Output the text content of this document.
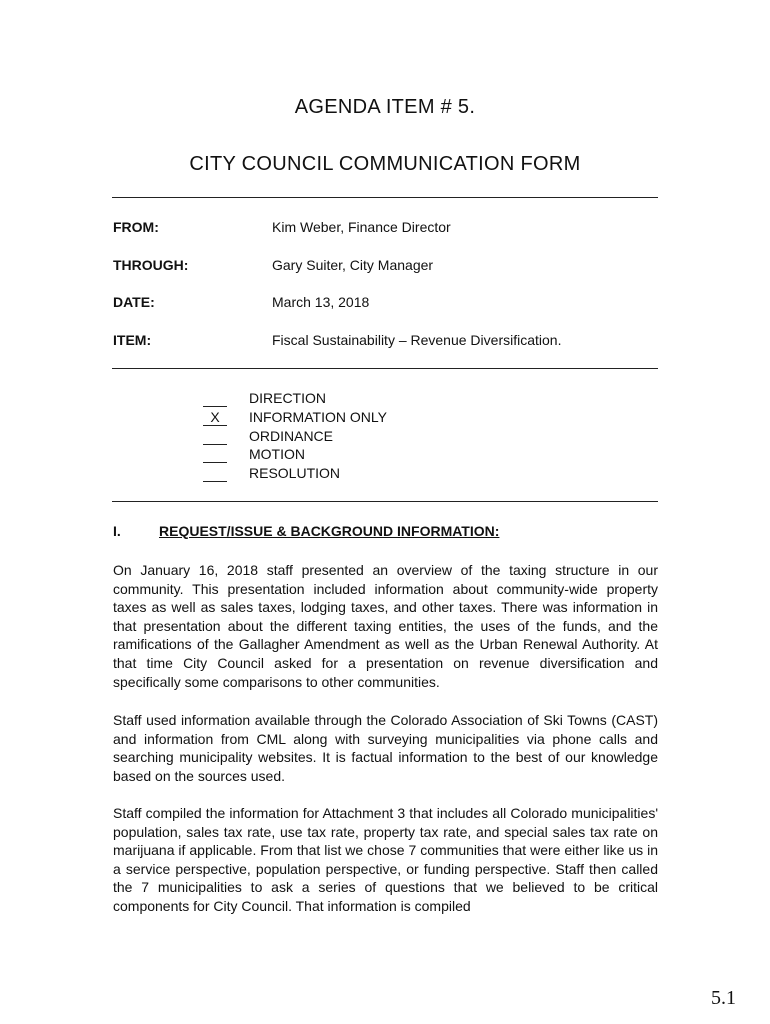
AGENDA ITEM # 5.
CITY COUNCIL COMMUNICATION FORM
FROM:	Kim Weber, Finance Director
THROUGH:	Gary Suiter, City Manager
DATE:	March 13, 2018
ITEM:	Fiscal Sustainability – Revenue Diversification.
DIRECTION
X	INFORMATION ONLY
ORDINANCE
MOTION
RESOLUTION
I.	REQUEST/ISSUE & BACKGROUND INFORMATION:

On January 16, 2018 staff presented an overview of the taxing structure in our community. This presentation included information about community-wide property taxes as well as sales taxes, lodging taxes, and other taxes. There was information in that presentation about the different taxing entities, the uses of the funds, and the ramifications of the Gallagher Amendment as well as the Urban Renewal Authority. At that time City Council asked for a presentation on revenue diversification and specifically some comparisons to other communities.

Staff used information available through the Colorado Association of Ski Towns (CAST) and information from CML along with surveying municipalities via phone calls and searching municipality websites. It is factual information to the best of our knowledge based on the sources used.

Staff compiled the information for Attachment 3 that includes all Colorado municipalities' population, sales tax rate, use tax rate, property tax rate, and special sales tax rate on marijuana if applicable. From that list we chose 7 communities that were either like us in a service perspective, population perspective, or funding perspective. Staff then called the 7 municipalities to ask a series of questions that we believed to be critical components for City Council. That information is compiled

5.1
